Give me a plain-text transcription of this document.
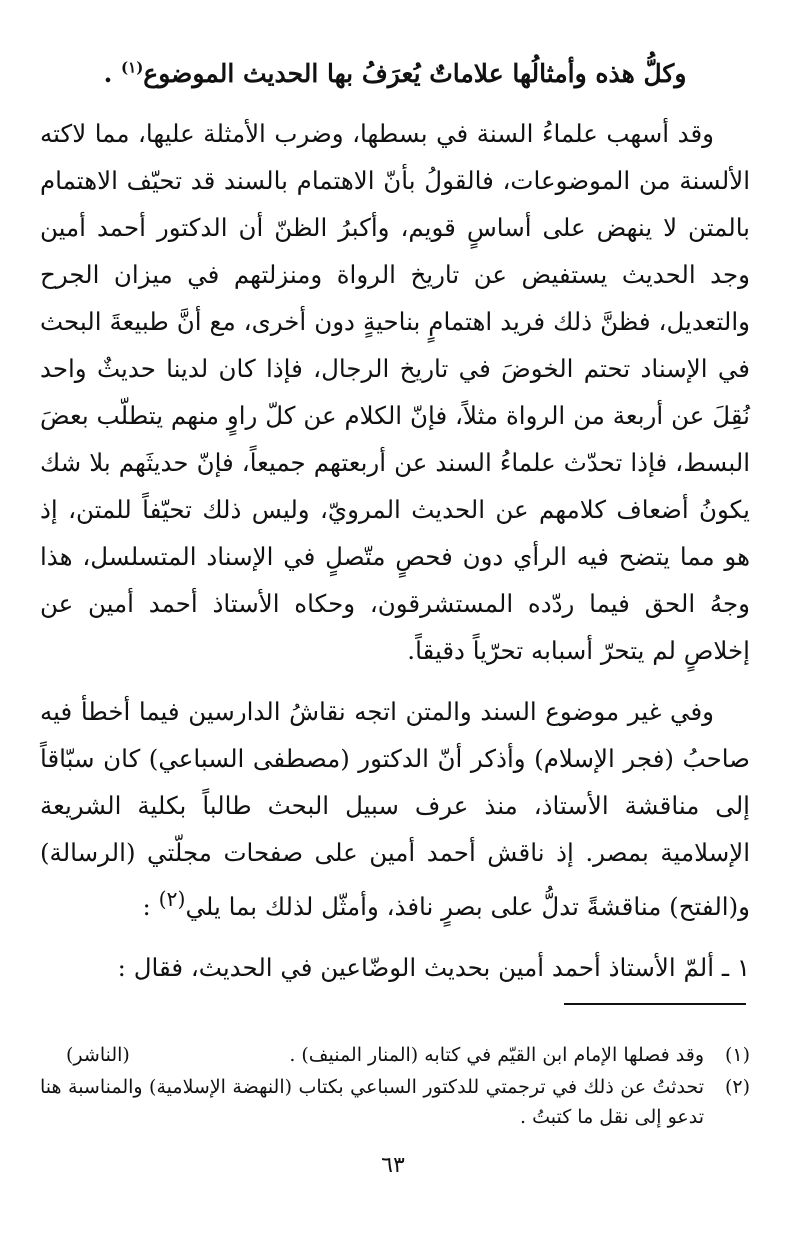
وكلُّ هذه وأمثالُها علاماتٌ يُعرَفُ بها الحديث الموضوع$^{(١)}$ .

وقد أسهب علماءُ السنة في بسطها، وضرب الأمثلة عليها، مما لاكته الألسنة من الموضوعات، فالقولُ بأنّ الاهتمام بالسند قد تحيّف الاهتمام بالمتن لا ينهض على أساسٍ قويم، وأكبرُ الظنّ أن الدكتور أحمد أمين وجد الحديث يستفيض عن تاريخ الرواة ومنزلتهم في ميزان الجرح والتعديل، فظنَّ ذلك فريد اهتمامٍ بناحيةٍ دون أخرى، مع أنَّ طبيعةَ البحث في الإسناد تحتم الخوضَ في تاريخ الرجال، فإذا كان لدينا حديثٌ واحد نُقِلَ عن أربعة من الرواة مثلاً، فإنّ الكلام عن كلّ راوٍ منهم يتطلّب بعضَ البسط، فإذا تحدّث علماءُ السند عن أربعتهم جميعاً، فإنّ حديثَهم بلا شك يكونُ أضعاف كلامهم عن الحديث المرويّ، وليس ذلك تحيّفاً للمتن، إذ هو مما يتضح فيه الرأي دون فحصٍ متّصلٍ في الإسناد المتسلسل، هذا وجهُ الحق فيما ردّده المستشرقون، وحكاه الأستاذ أحمد أمين عن إخلاصٍ لم يتحرّ أسبابه تحرّياً دقيقاً.

وفي غير موضوع السند والمتن اتجه نقاشُ الدارسين فيما أخطأ فيه صاحبُ (فجر الإسلام) وأذكر أنّ الدكتور (مصطفى السباعي) كان سبّاقاً إلى مناقشة الأستاذ، منذ عرف سبيل البحث طالباً بكلية الشريعة الإسلامية بمصر. إذ ناقش أحمد أمين على صفحات مجلّتي (الرسالة) و(الفتح) مناقشةً تدلُّ على بصرٍ نافذ، وأمثّل لذلك بما يلي$^{(٢)}$ :

١ ـ ألمّ الأستاذ أحمد أمين بحديث الوضّاعين في الحديث، فقال :

(١)
وقد فصلها الإمام ابن القيّم في كتابه (المنار المنيف) .
(الناشر)
(٢)
تحدثتُ عن ذلك في ترجمتي للدكتور السباعي بكتاب (النهضة الإسلامية) والمناسبة هنا تدعو إلى نقل ما كتبتُ .
٦٣
